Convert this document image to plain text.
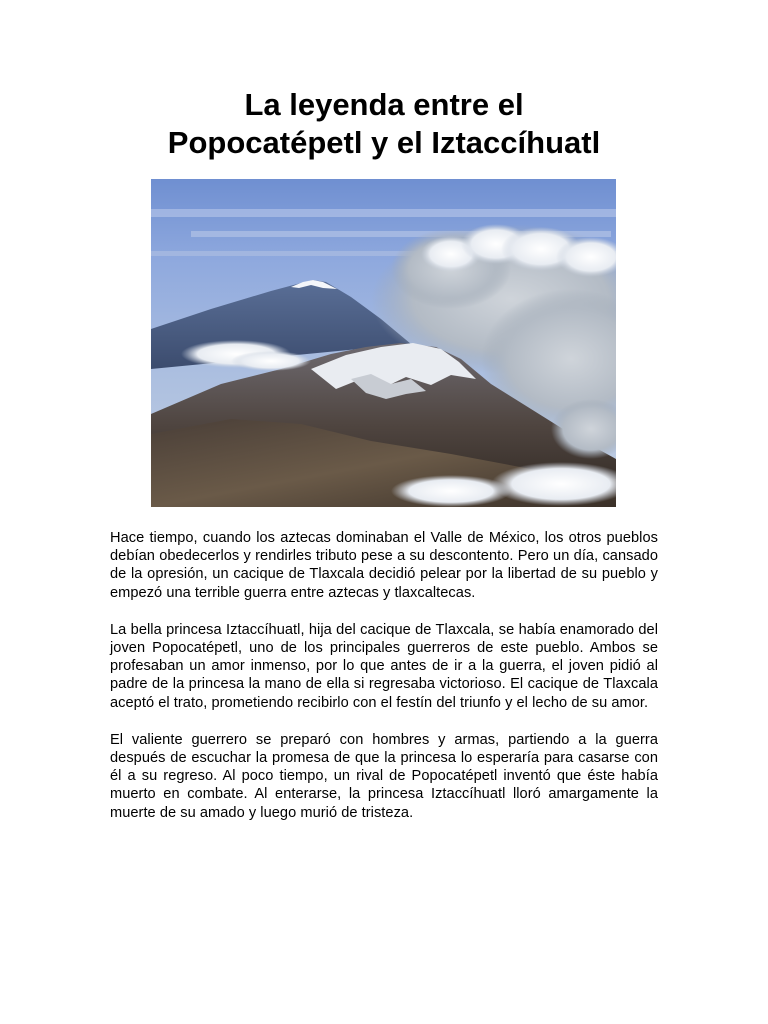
La leyenda entre el
Popocatépetl y el Iztaccíhuatl

Hace tiempo, cuando los aztecas dominaban el Valle de México, los otros pueblos debían obedecerlos y rendirles tributo pese a su descontento. Pero un día, cansado de la opresión, un cacique de Tlaxcala decidió pelear por la libertad de su pueblo y empezó una terrible guerra entre aztecas y tlaxcaltecas.

La bella princesa Iztaccíhuatl, hija del cacique de Tlaxcala, se había enamorado del joven Popocatépetl, uno de los principales guerreros de este pueblo. Ambos se profesaban un amor inmenso, por lo que antes de ir a la guerra, el joven pidió al padre de la princesa la mano de ella si regresaba victorioso. El cacique de Tlaxcala aceptó el trato, prometiendo recibirlo con el festín del triunfo y el lecho de su amor.

El valiente guerrero se preparó con hombres y armas, partiendo a la guerra después de escuchar la promesa de que la princesa lo esperaría para casarse con él a su regreso. Al poco tiempo, un rival de Popocatépetl inventó que éste había muerto en combate. Al enterarse, la princesa Iztaccíhuatl lloró amargamente la muerte de su amado y luego murió de tristeza.
